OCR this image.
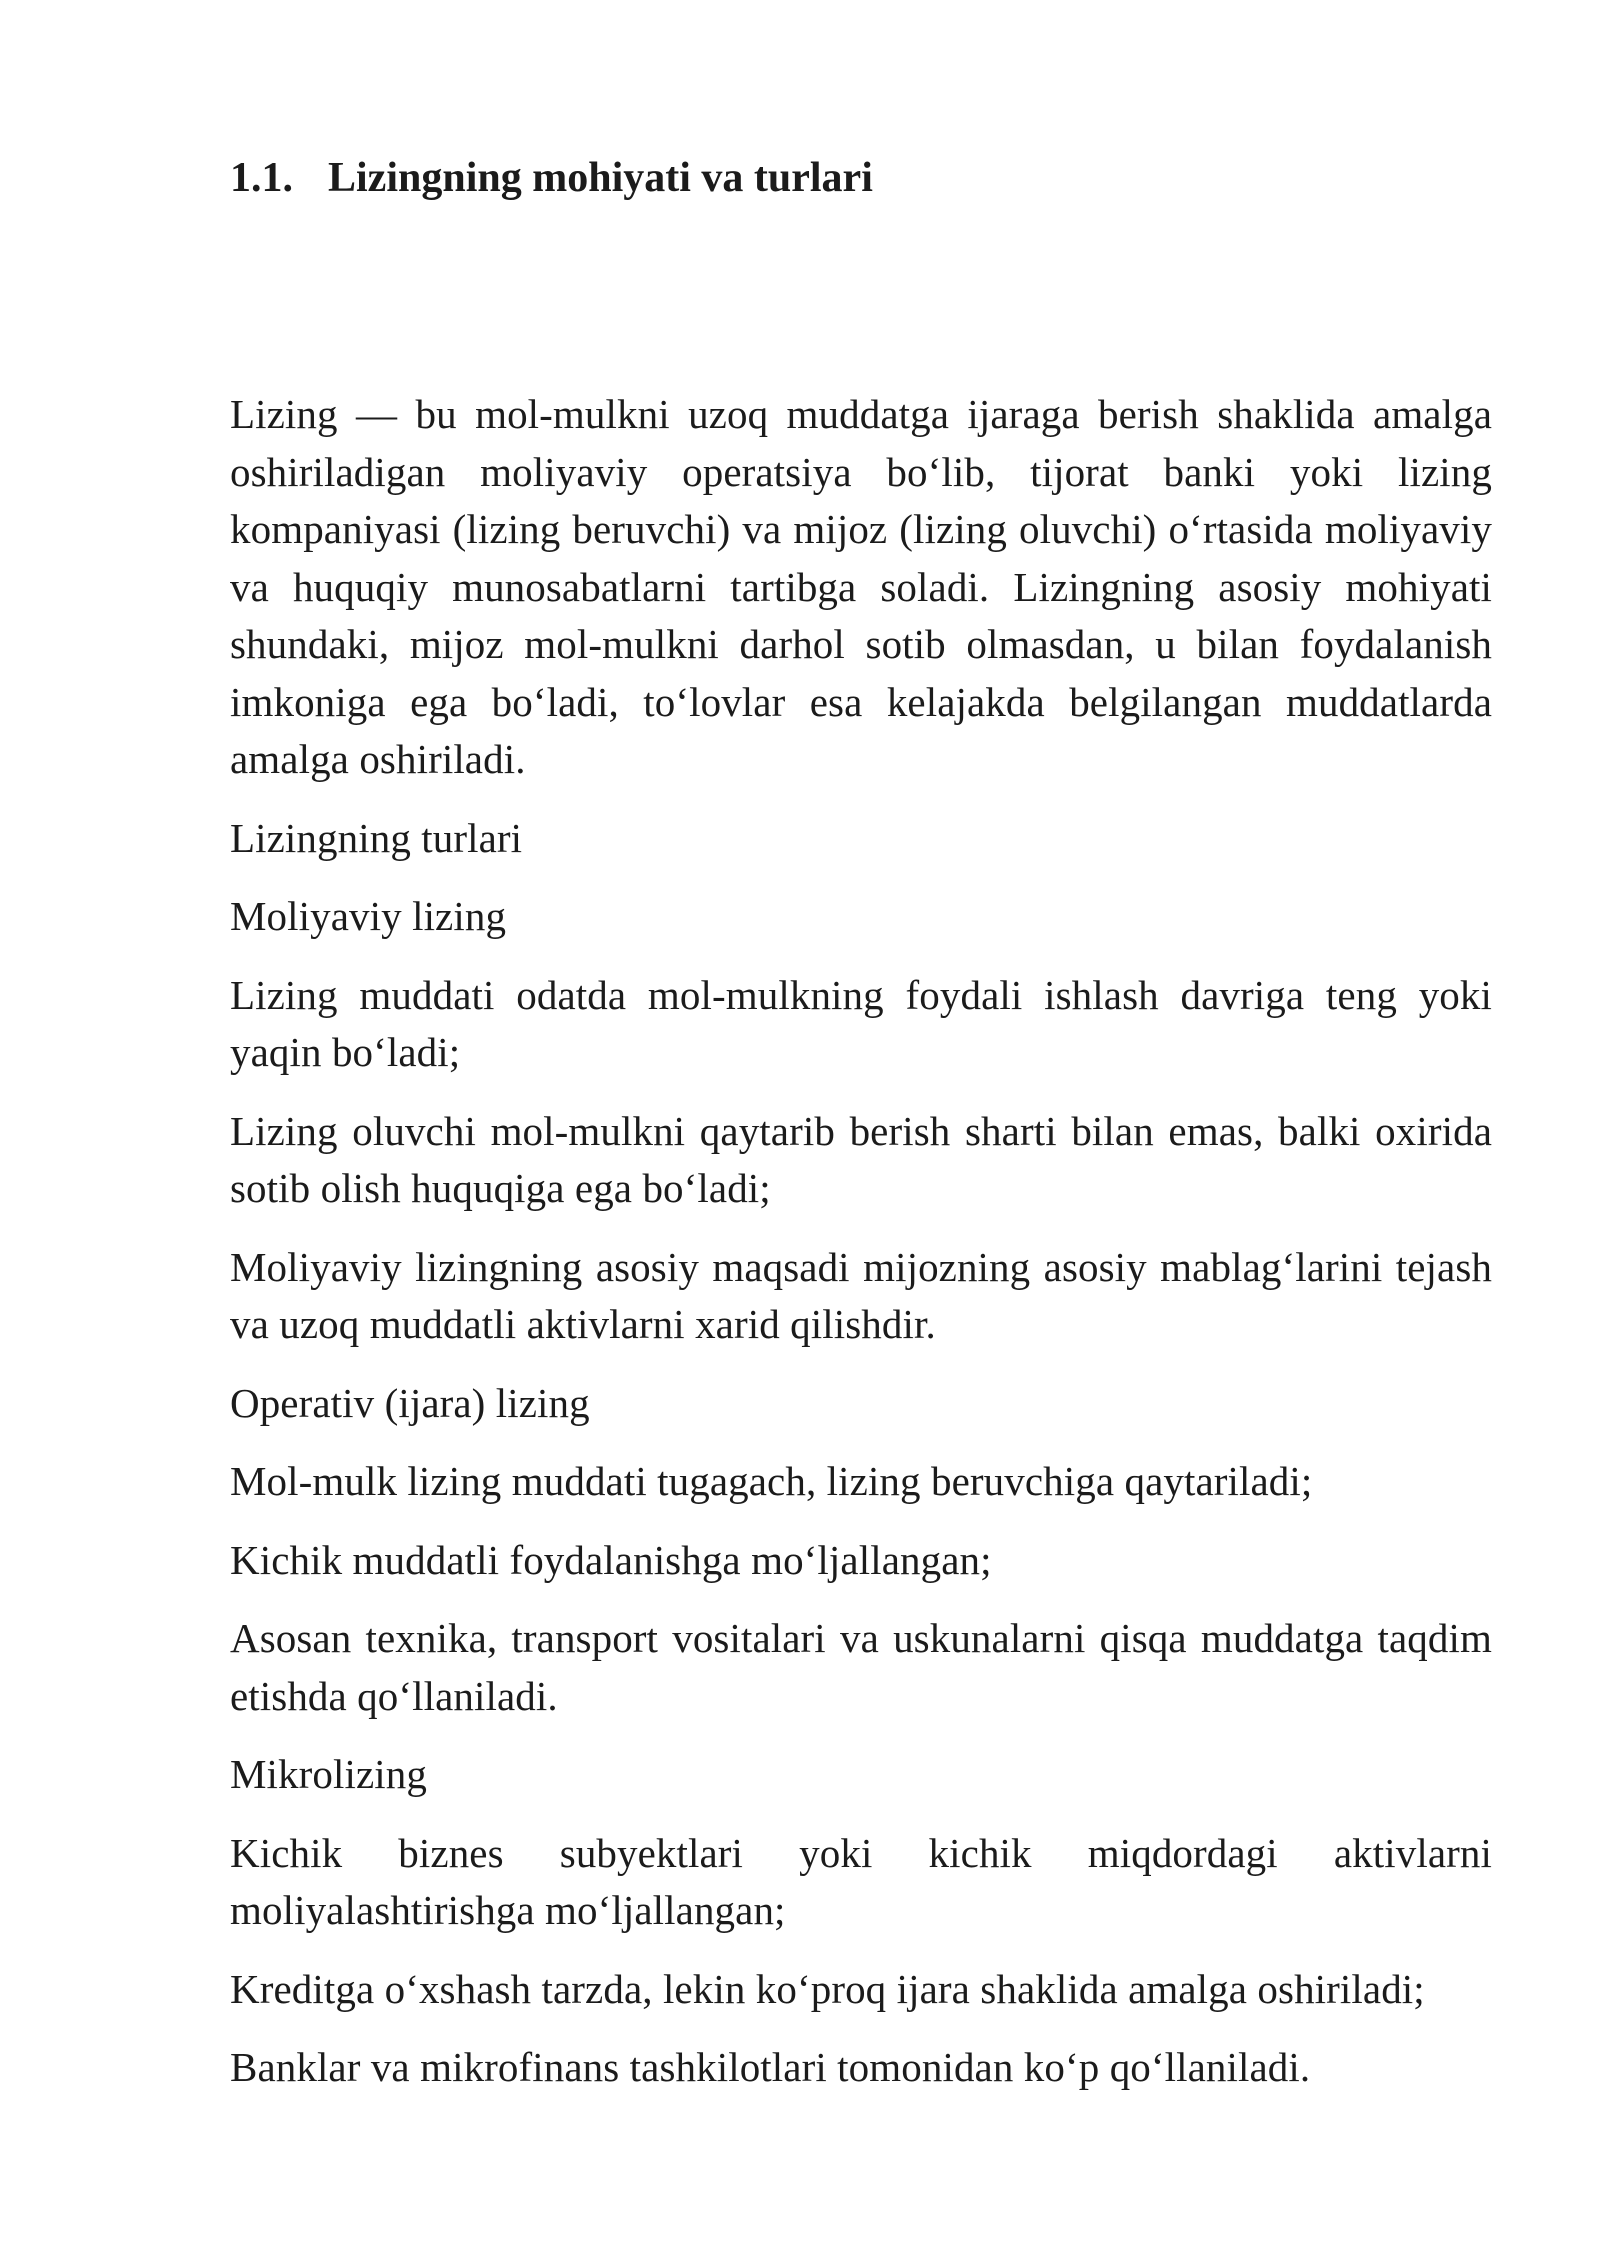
1.1. Lizingning mohiyati va turlari

Lizing — bu mol-mulkni uzoq muddatga ijaraga berish shaklida amalga oshiriladigan moliyaviy operatsiya bo‘lib, tijorat banki yoki lizing kompaniyasi (lizing beruvchi) va mijoz (lizing oluvchi) o‘rtasida moliyaviy va huquqiy munosabatlarni tartibga soladi. Lizingning asosiy mohiyati shundaki, mijoz mol-mulkni darhol sotib olmasdan, u bilan foydalanish imkoniga ega bo‘ladi, to‘lovlar esa kelajakda belgilangan muddatlarda amalga oshiriladi.

Lizingning turlari

Moliyaviy lizing

Lizing muddati odatda mol-mulkning foydali ishlash davriga teng yoki yaqin bo‘ladi;

Lizing oluvchi mol-mulkni qaytarib berish sharti bilan emas, balki oxirida sotib olish huquqiga ega bo‘ladi;

Moliyaviy lizingning asosiy maqsadi mijozning asosiy mablag‘larini tejash va uzoq muddatli aktivlarni xarid qilishdir.

Operativ (ijara) lizing

Mol-mulk lizing muddati tugagach, lizing beruvchiga qaytariladi;

Kichik muddatli foydalanishga mo‘ljallangan;

Asosan texnika, transport vositalari va uskunalarni qisqa muddatga taqdim etishda qo‘llaniladi.

Mikrolizing

Kichik biznes subyektlari yoki kichik miqdordagi aktivlarni moliyalashtirishga mo‘ljallangan;

Kreditga o‘xshash tarzda, lekin ko‘proq ijara shaklida amalga oshiriladi;

Banklar va mikrofinans tashkilotlari tomonidan ko‘p qo‘llaniladi.
